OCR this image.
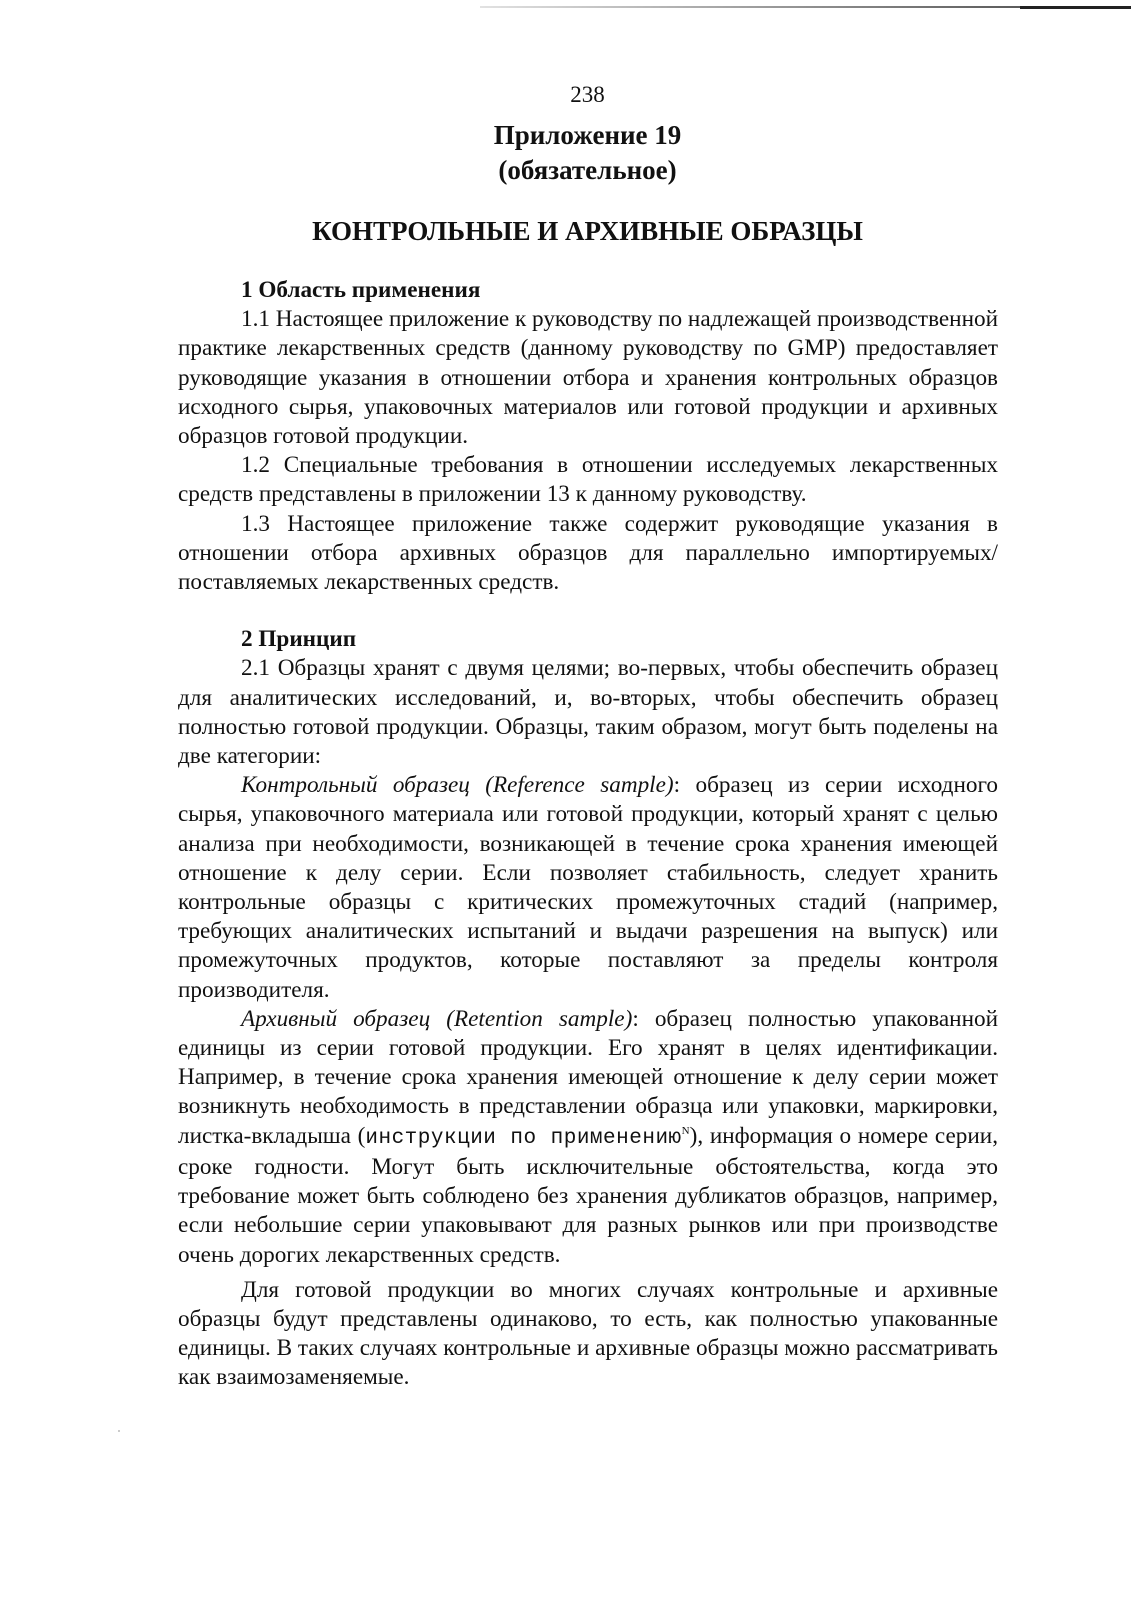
238
Приложение 19
(обязательное)
КОНТРОЛЬНЫЕ И АРХИВНЫЕ ОБРАЗЦЫ
1 Область применения

1.1 Настоящее приложение к руководству по надлежащей производственной практике лекарственных средств (данному руководству по GMP) предоставляет руководящие указания в отношении отбора и хранения контрольных образцов исходного сырья, упаковочных материалов или готовой продукции и архивных образцов готовой продукции.

1.2 Специальные требования в отношении исследуемых лекарственных средств представлены в приложении 13 к данному руководству.

1.3 Настоящее приложение также содержит руководящие указания в отношении отбора архивных образцов для параллельно импортируемых/поставляемых лекарственных средств.

2 Принцип

2.1 Образцы хранят с двумя целями; во-первых, чтобы обеспечить образец для аналитических исследований, и, во-вторых, чтобы обеспечить образец полностью готовой продукции. Образцы, таким образом, могут быть поделены на две категории:

Контрольный образец (Reference sample): образец из серии исходного сырья, упаковочного материала или готовой продукции, который хранят с целью анализа при необходимости, возникающей в течение срока хранения имеющей отношение к делу серии. Если позволяет стабильность, следует хранить контрольные образцы с критических промежуточных стадий (например, требующих аналитических испытаний и выдачи разрешения на выпуск) или промежуточных продуктов, которые поставляют за пределы контроля производителя.

Архивный образец (Retention sample): образец полностью упакованной единицы из серии готовой продукции. Его хранят в целях идентификации. Например, в течение срока хранения имеющей отношение к делу серии может возникнуть необходимость в представлении образца или упаковки, маркировки, листка-вкладыша (инструкции по применению$^N$), информация о номере серии, сроке годности. Могут быть исключительные обстоятельства, когда это требование может быть соблюдено без хранения дубликатов образцов, например, если небольшие серии упаковывают для разных рынков или при производстве очень дорогих лекарственных средств.

Для готовой продукции во многих случаях контрольные и архивные образцы будут представлены одинаково, то есть, как полностью упакованные единицы. В таких случаях контрольные и архивные образцы можно рассматривать как взаимозаменяемые.
